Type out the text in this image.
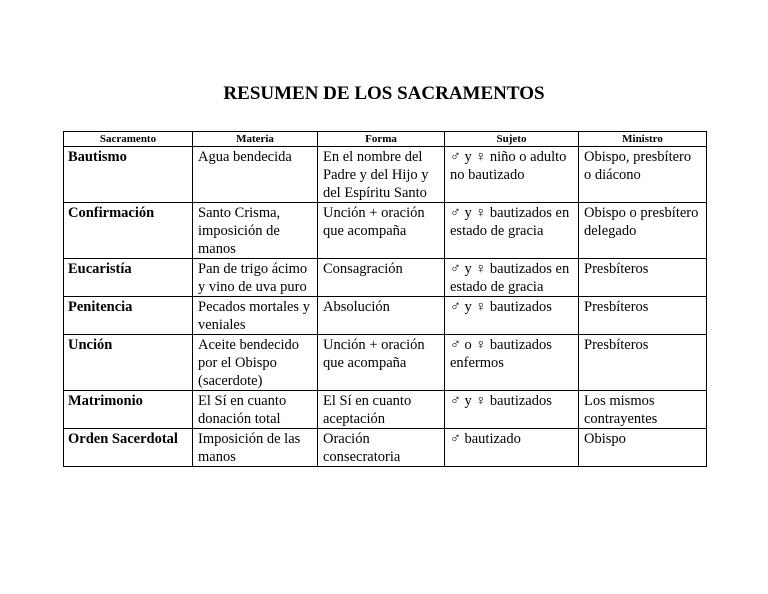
RESUMEN DE LOS SACRAMENTOS
Sacramento	Materia	Forma	Sujeto	Ministro
Bautismo	Agua bendecida	En el nombre del Padre y del Hijo y del Espíritu Santo	♂ y ♀ niño o adulto no bautizado	Obispo, presbítero o diácono
Confirmación	Santo Crisma, imposición de manos	Unción + oración que acompaña	♂ y ♀ bautizados en estado de gracia	Obispo o presbítero delegado
Eucaristía	Pan de trigo ácimo y vino de uva puro	Consagración	♂ y ♀ bautizados en estado de gracia	Presbíteros
Penitencia	Pecados mortales y veniales	Absolución	♂ y ♀ bautizados	Presbíteros
Unción	Aceite bendecido por el Obispo (sacerdote)	Unción + oración que acompaña	♂ o ♀ bautizados enfermos	Presbíteros
Matrimonio	El Sí en cuanto donación total	El Sí en cuanto aceptación	♂ y ♀ bautizados	Los mismos contrayentes
Orden Sacerdotal	Imposición de las manos	Oración consecratoria	♂ bautizado	Obispo
